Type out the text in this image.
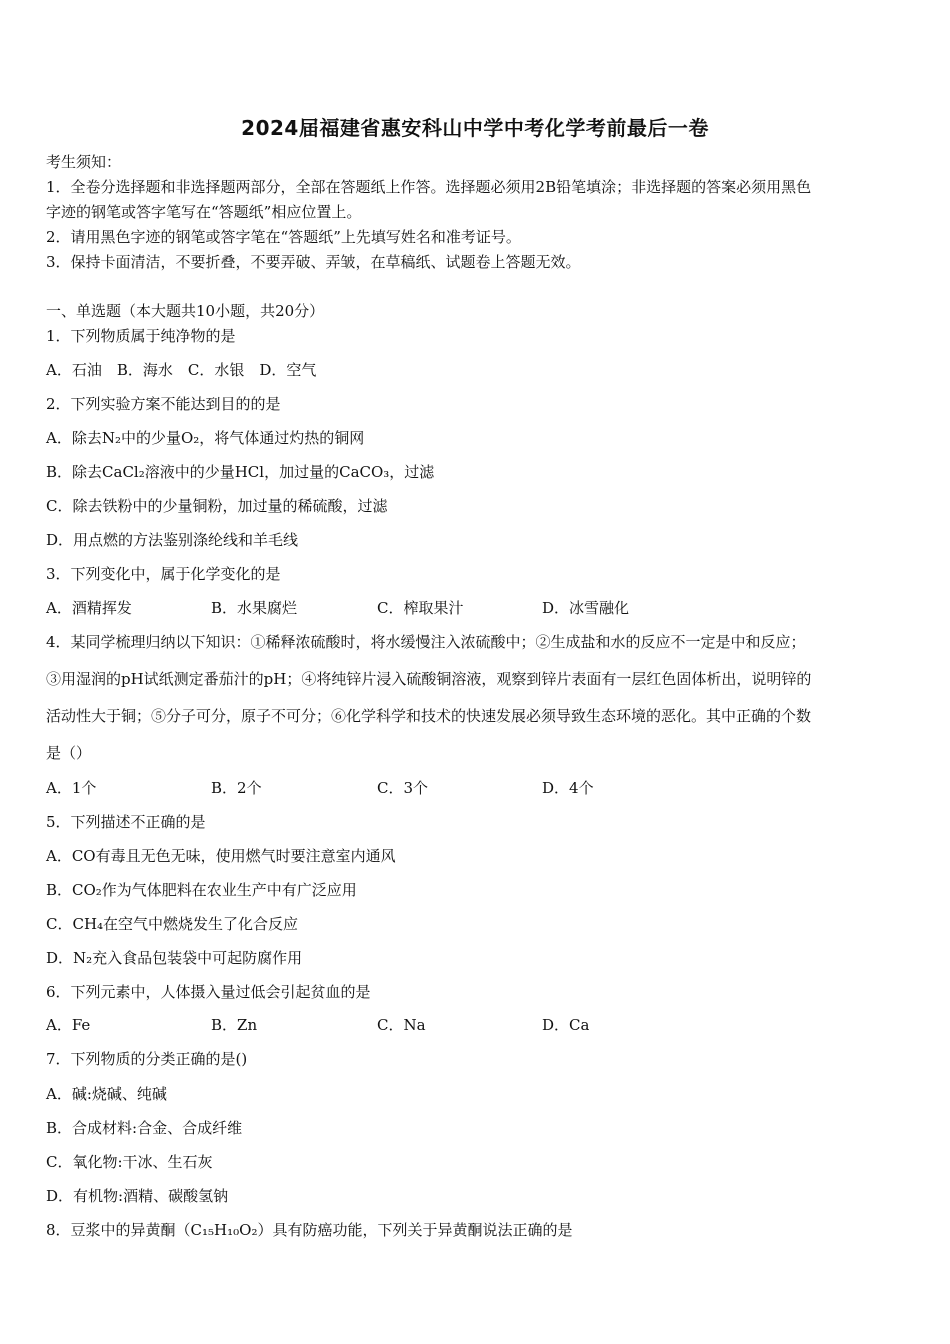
2024届福建省惠安科山中学中考化学考前最后一卷
考生须知：
1．全卷分选择题和非选择题两部分，全部在答题纸上作答。选择题必须用2B铅笔填涂；非选择题的答案必须用黑色
字迹的钢笔或答字笔写在“答题纸”相应位置上。
2．请用黑色字迹的钢笔或答字笔在“答题纸”上先填写姓名和准考证号。
3．保持卡面清洁，不要折叠，不要弄破、弄皱，在草稿纸、试题卷上答题无效。
一、单选题（本大题共10小题，共20分）
1．下列物质属于纯净物的是
A．石油　B．海水　C．水银　D．空气
2．下列实验方案不能达到目的的是
A．除去N₂中的少量O₂，将气体通过灼热的铜网
B．除去CaCl₂溶液中的少量HCl，加过量的CaCO₃，过滤
C．除去铁粉中的少量铜粉，加过量的稀硫酸，过滤
D．用点燃的方法鉴别涤纶线和羊毛线
3．下列变化中，属于化学变化的是
A．酒精挥发	B．水果腐烂	C．榨取果汁	D．冰雪融化
4．某同学梳理归纳以下知识：①稀释浓硫酸时，将水缓慢注入浓硫酸中；②生成盐和水的反应不一定是中和反应；
③用湿润的pH试纸测定番茄汁的pH；④将纯锌片浸入硫酸铜溶液，观察到锌片表面有一层红色固体析出，说明锌的
活动性大于铜；⑤分子可分，原子不可分；⑥化学科学和技术的快速发展必须导致生态环境的恶化。其中正确的个数
是（）
A．1个	B．2个	C．3个	D．4个
5．下列描述不正确的是
A．CO有毒且无色无味，使用燃气时要注意室内通风
B．CO₂作为气体肥料在农业生产中有广泛应用
C．CH₄在空气中燃烧发生了化合反应
D．N₂充入食品包装袋中可起防腐作用
6．下列元素中，人体摄入量过低会引起贫血的是
A．Fe	B．Zn	C．Na	D．Ca
7．下列物质的分类正确的是()
A．碱:烧碱、纯碱
B．合成材料:合金、合成纤维
C．氧化物:干冰、生石灰
D．有机物:酒精、碳酸氢钠
8．豆浆中的异黄酮（C₁₅H₁₀O₂）具有防癌功能，下列关于异黄酮说法正确的是
